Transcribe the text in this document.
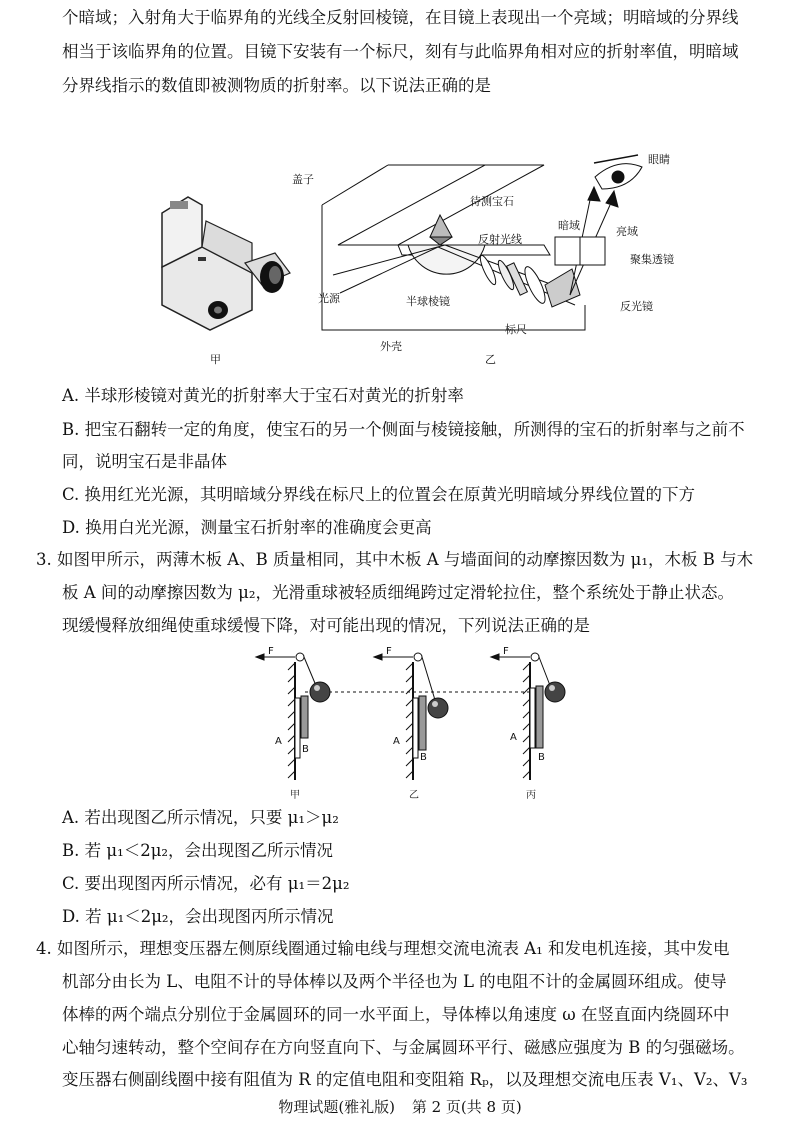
个暗域；入射角大于临界角的光线全反射回棱镜，在目镜上表现出一个亮域；明暗域的分界线
相当于该临界角的位置。目镜下安装有一个标尺，刻有与此临界角相对应的折射率值，明暗域
分界线指示的数值即被测物质的折射率。以下说法正确的是
甲
盖子
待测宝石
眼睛
暗域	亮域
反射光线
聚集透镜
光源	半球棱镜	反光镜
标尺
外壳
乙
A. 半球形棱镜对黄光的折射率大于宝石对黄光的折射率
B. 把宝石翻转一定的角度，使宝石的另一个侧面与棱镜接触，所测得的宝石的折射率与之前不
同，说明宝石是非晶体
C. 换用红光光源，其明暗域分界线在标尺上的位置会在原黄光明暗域分界线位置的下方
D. 换用白光光源，测量宝石折射率的准确度会更高
3. 如图甲所示，两薄木板 A、B 质量相同，其中木板 A 与墙面间的动摩擦因数为 μ₁，木板 B 与木
板 A 间的动摩擦因数为 μ₂，光滑重球被轻质细绳跨过定滑轮拉住，整个系统处于静止状态。
现缓慢释放细绳使重球缓慢下降，对可能出现的情况，下列说法正确的是
F
A
B
甲
F
A
B
乙
F
A
B
丙
A. 若出现图乙所示情况，只要 μ₁＞μ₂
B. 若 μ₁＜2μ₂，会出现图乙所示情况
C. 要出现图丙所示情况，必有 μ₁＝2μ₂
D. 若 μ₁＜2μ₂，会出现图丙所示情况
4. 如图所示，理想变压器左侧原线圈通过输电线与理想交流电流表 A₁ 和发电机连接，其中发电
机部分由长为 L、电阻不计的导体棒以及两个半径也为 L 的电阻不计的金属圆环组成。使导
体棒的两个端点分别位于金属圆环的同一水平面上，导体棒以角速度 ω 在竖直面内绕圆环中
心轴匀速转动，整个空间存在方向竖直向下、与金属圆环平行、磁感应强度为 B 的匀强磁场。
变压器右侧副线圈中接有阻值为 R 的定值电阻和变阻箱 Rₚ，以及理想交流电压表 V₁、V₂、V₃
物理试题(雅礼版) 第 2 页(共 8 页)
